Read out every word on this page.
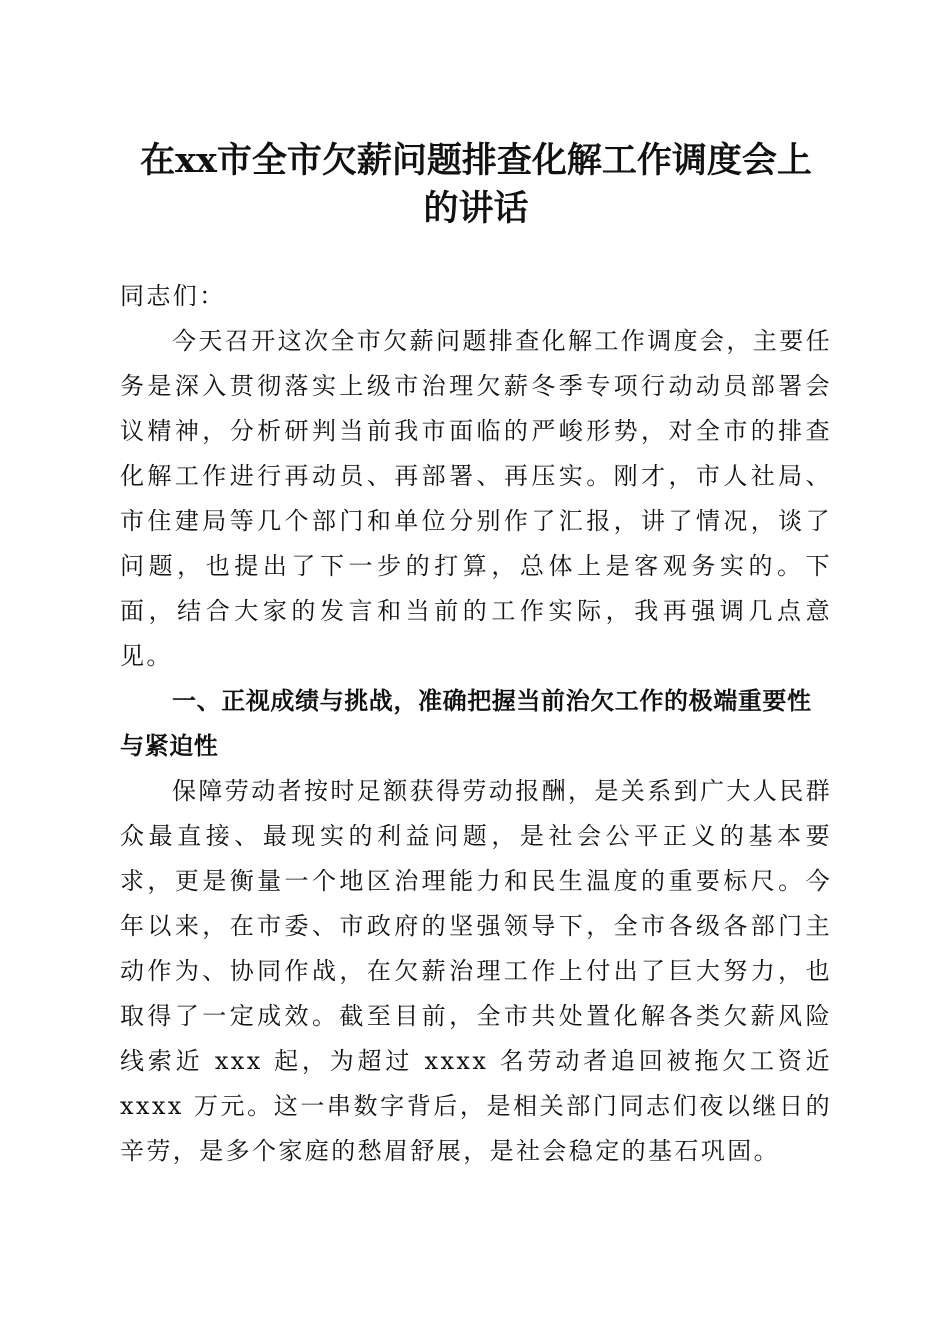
在xx市全市欠薪问题排查化解工作调度会上
的讲话

同志们：

今天召开这次全市欠薪问题排查化解工作调度会，主要任务是深入贯彻落实上级市治理欠薪冬季专项行动动员部署会议精神，分析研判当前我市面临的严峻形势，对全市的排查化解工作进行再动员、再部署、再压实。刚才，市人社局、市住建局等几个部门和单位分别作了汇报，讲了情况，谈了问题，也提出了下一步的打算，总体上是客观务实的。下面，结合大家的发言和当前的工作实际，我再强调几点意见。

一、正视成绩与挑战，准确把握当前治欠工作的极端重要性与紧迫性

保障劳动者按时足额获得劳动报酬，是关系到广大人民群众最直接、最现实的利益问题，是社会公平正义的基本要求，更是衡量一个地区治理能力和民生温度的重要标尺。今年以来，在市委、市政府的坚强领导下，全市各级各部门主动作为、协同作战，在欠薪治理工作上付出了巨大努力，也取得了一定成效。截至目前，全市共处置化解各类欠薪风险线索近 xxx 起，为超过 xxxx 名劳动者追回被拖欠工资近 xxxx 万元。这一串数字背后，是相关部门同志们夜以继日的辛劳，是多个家庭的愁眉舒展，是社会稳定的基石巩固。
